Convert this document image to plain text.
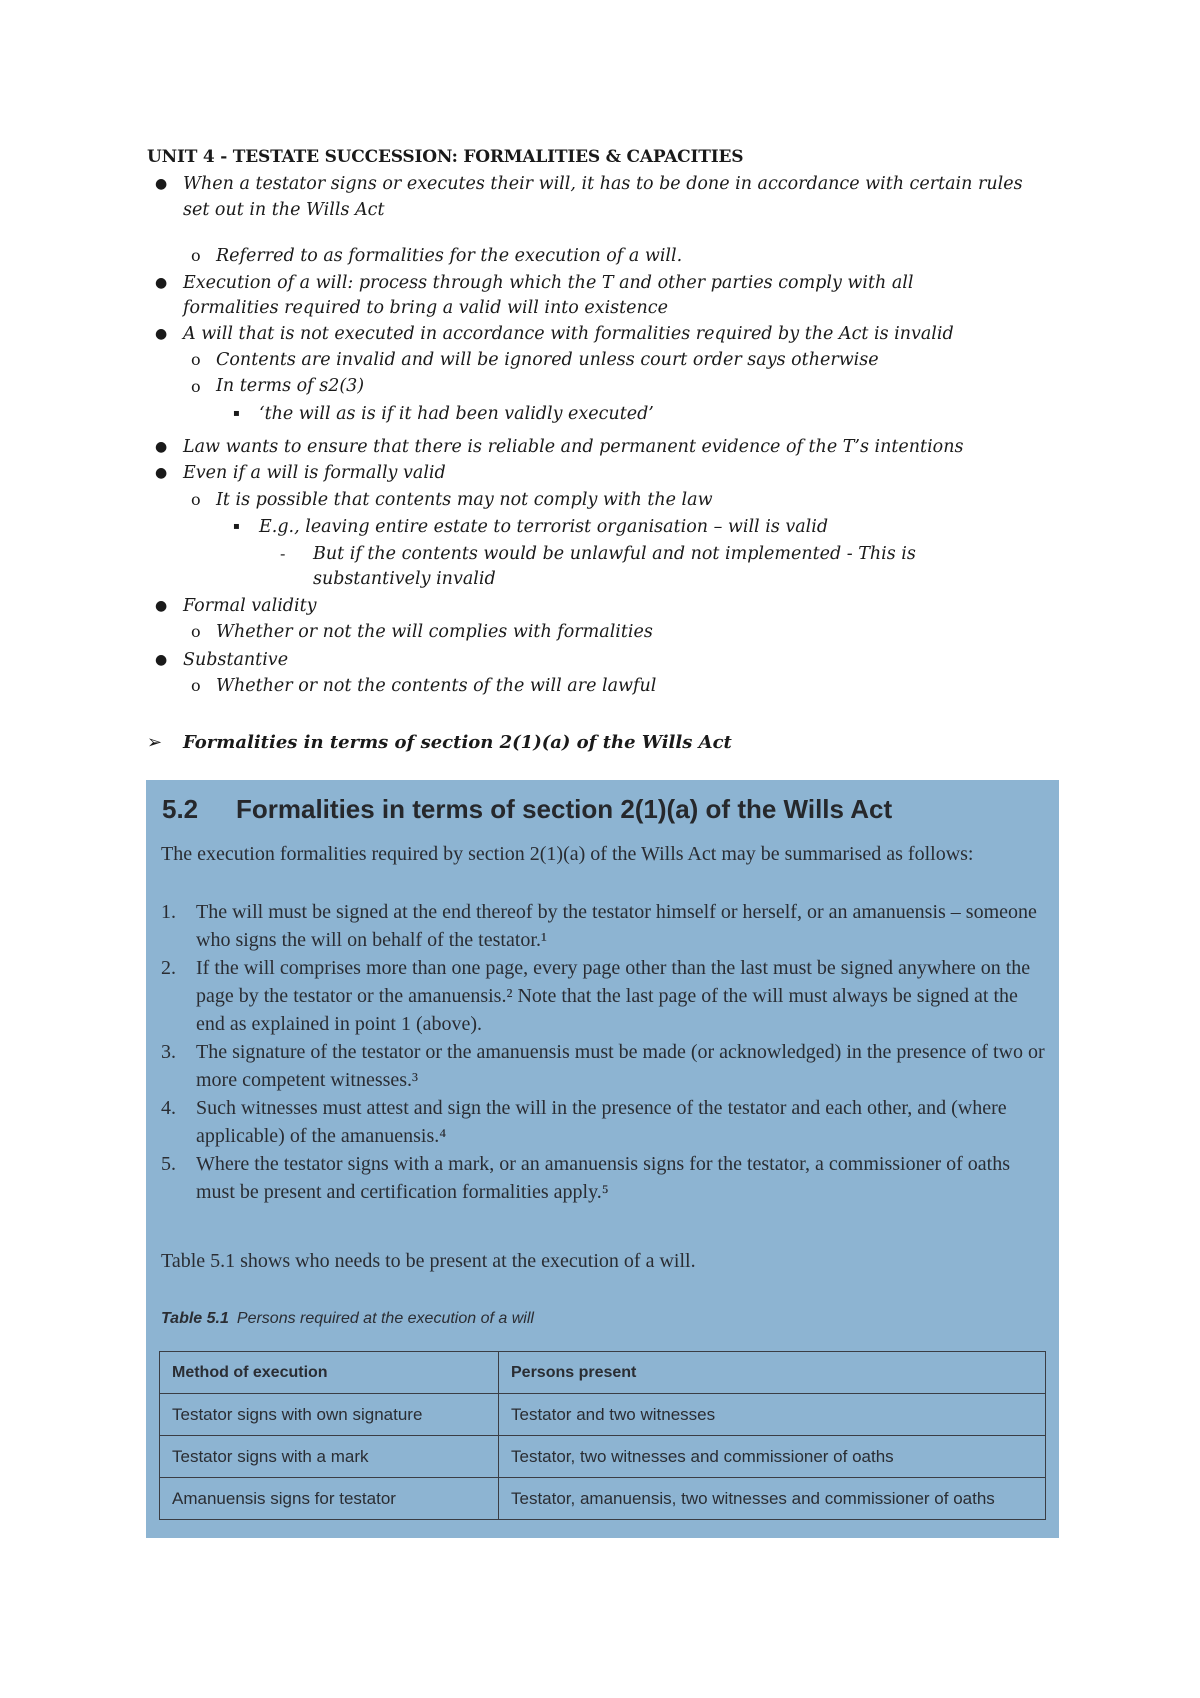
UNIT 4 - TESTATE SUCCESSION: FORMALITIES & CAPACITIES
● When a testator signs or executes their will, it has to be done in accordance with certain rules
set out in the Wills Act
o Referred to as formalities for the execution of a will.
● Execution of a will: process through which the T and other parties comply with all
formalities required to bring a valid will into existence
● A will that is not executed in accordance with formalities required by the Act is invalid
o Contents are invalid and will be ignored unless court order says otherwise
o In terms of s2(3)
▪ ‘the will as is if it had been validly executed’
● Law wants to ensure that there is reliable and permanent evidence of the T’s intentions
● Even if a will is formally valid
o It is possible that contents may not comply with the law
▪ E.g., leaving entire estate to terrorist organisation – will is valid
- But if the contents would be unlawful and not implemented - This is
substantively invalid
● Formal validity
o Whether or not the will complies with formalities
● Substantive
o Whether or not the contents of the will are lawful
➢ Formalities in terms of section 2(1)(a) of the Wills Act
5.2 Formalities in terms of section 2(1)(a) of the Wills Act
The execution formalities required by section 2(1)(a) of the Wills Act may be summarised as follows:
1. The will must be signed at the end thereof by the testator himself or herself, or an amanuensis – someone who signs the will on behalf of the testator.¹
2. If the will comprises more than one page, every page other than the last must be signed anywhere on the page by the testator or the amanuensis.² Note that the last page of the will must always be signed at the end as explained in point 1 (above).
3. The signature of the testator or the amanuensis must be made (or acknowledged) in the presence of two or more competent witnesses.³
4. Such witnesses must attest and sign the will in the presence of the testator and each other, and (where applicable) of the amanuensis.⁴
5. Where the testator signs with a mark, or an amanuensis signs for the testator, a commissioner of oaths must be present and certification formalities apply.⁵
Table 5.1 shows who needs to be present at the execution of a will.
Table 5.1 Persons required at the execution of a will
Method of execution	Persons present
Testator signs with own signature	Testator and two witnesses
Testator signs with a mark	Testator, two witnesses and commissioner of oaths
Amanuensis signs for testator	Testator, amanuensis, two witnesses and commissioner of oaths
